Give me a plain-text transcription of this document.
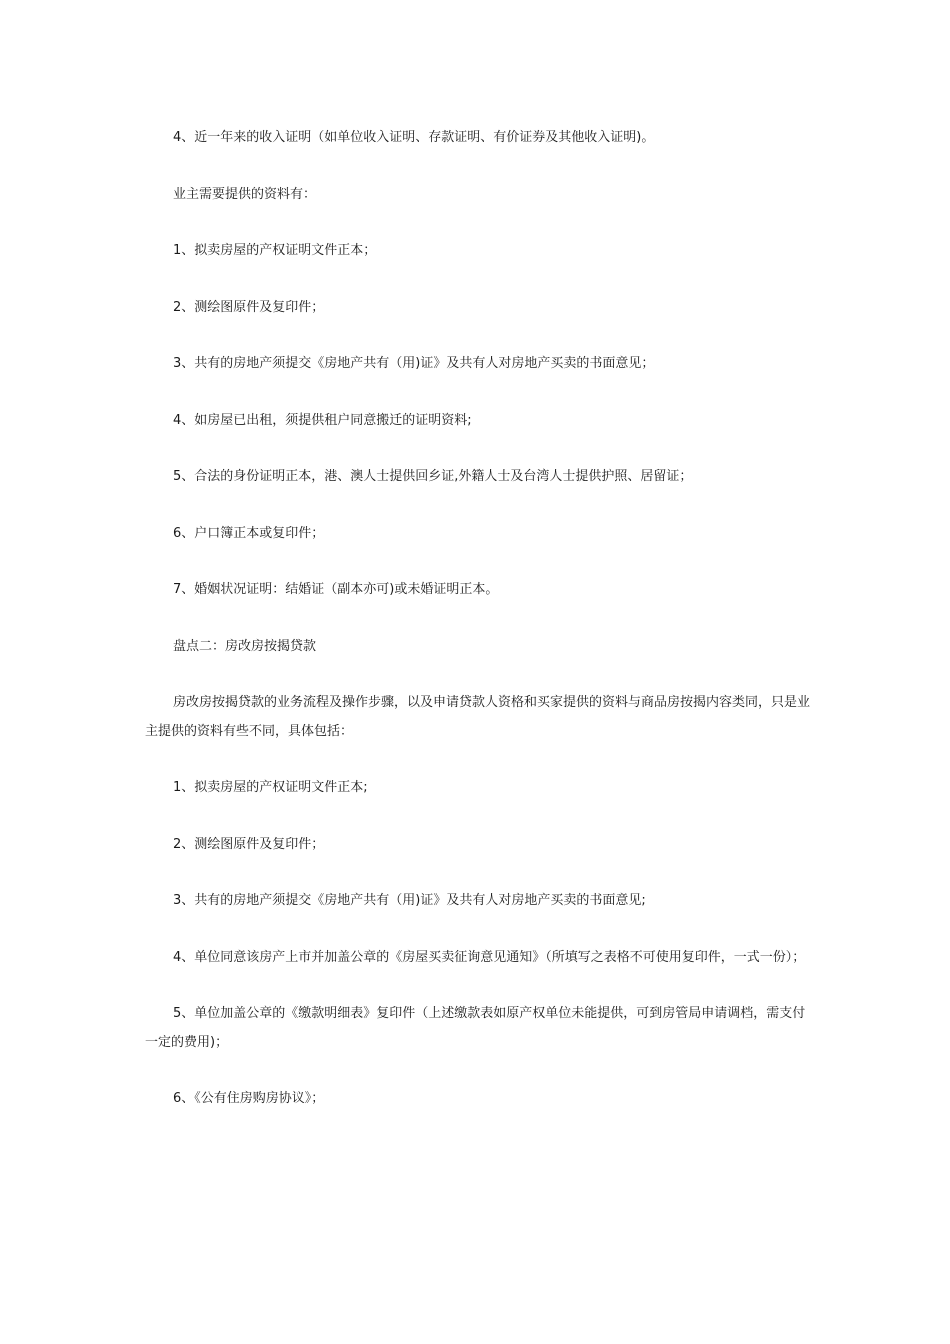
4、近一年来的收入证明（如单位收入证明、存款证明、有价证券及其他收入证明)。

业主需要提供的资料有：

1、拟卖房屋的产权证明文件正本；

2、测绘图原件及复印件；

3、共有的房地产须提交《房地产共有（用)证》及共有人对房地产买卖的书面意见；

4、如房屋已出租，须提供租户同意搬迁的证明资料;

5、合法的身份证明正本，港、澳人士提供回乡证,外籍人士及台湾人士提供护照、居留证；

6、户口簿正本或复印件；

7、婚姻状况证明：结婚证（副本亦可)或未婚证明正本。

盘点二：房改房按揭贷款

房改房按揭贷款的业务流程及操作步骤，以及申请贷款人资格和买家提供的资料与商品房按揭内容类同，只是业主提供的资料有些不同，具体包括：

1、拟卖房屋的产权证明文件正本;

2、测绘图原件及复印件；

3、共有的房地产须提交《房地产共有（用)证》及共有人对房地产买卖的书面意见;

4、单位同意该房产上市并加盖公章的《房屋买卖征询意见通知》（所填写之表格不可使用复印件，一式一份）；

5、单位加盖公章的《缴款明细表》复印件（上述缴款表如原产权单位未能提供，可到房管局申请调档，需支付一定的费用)；

6、《公有住房购房协议》；
